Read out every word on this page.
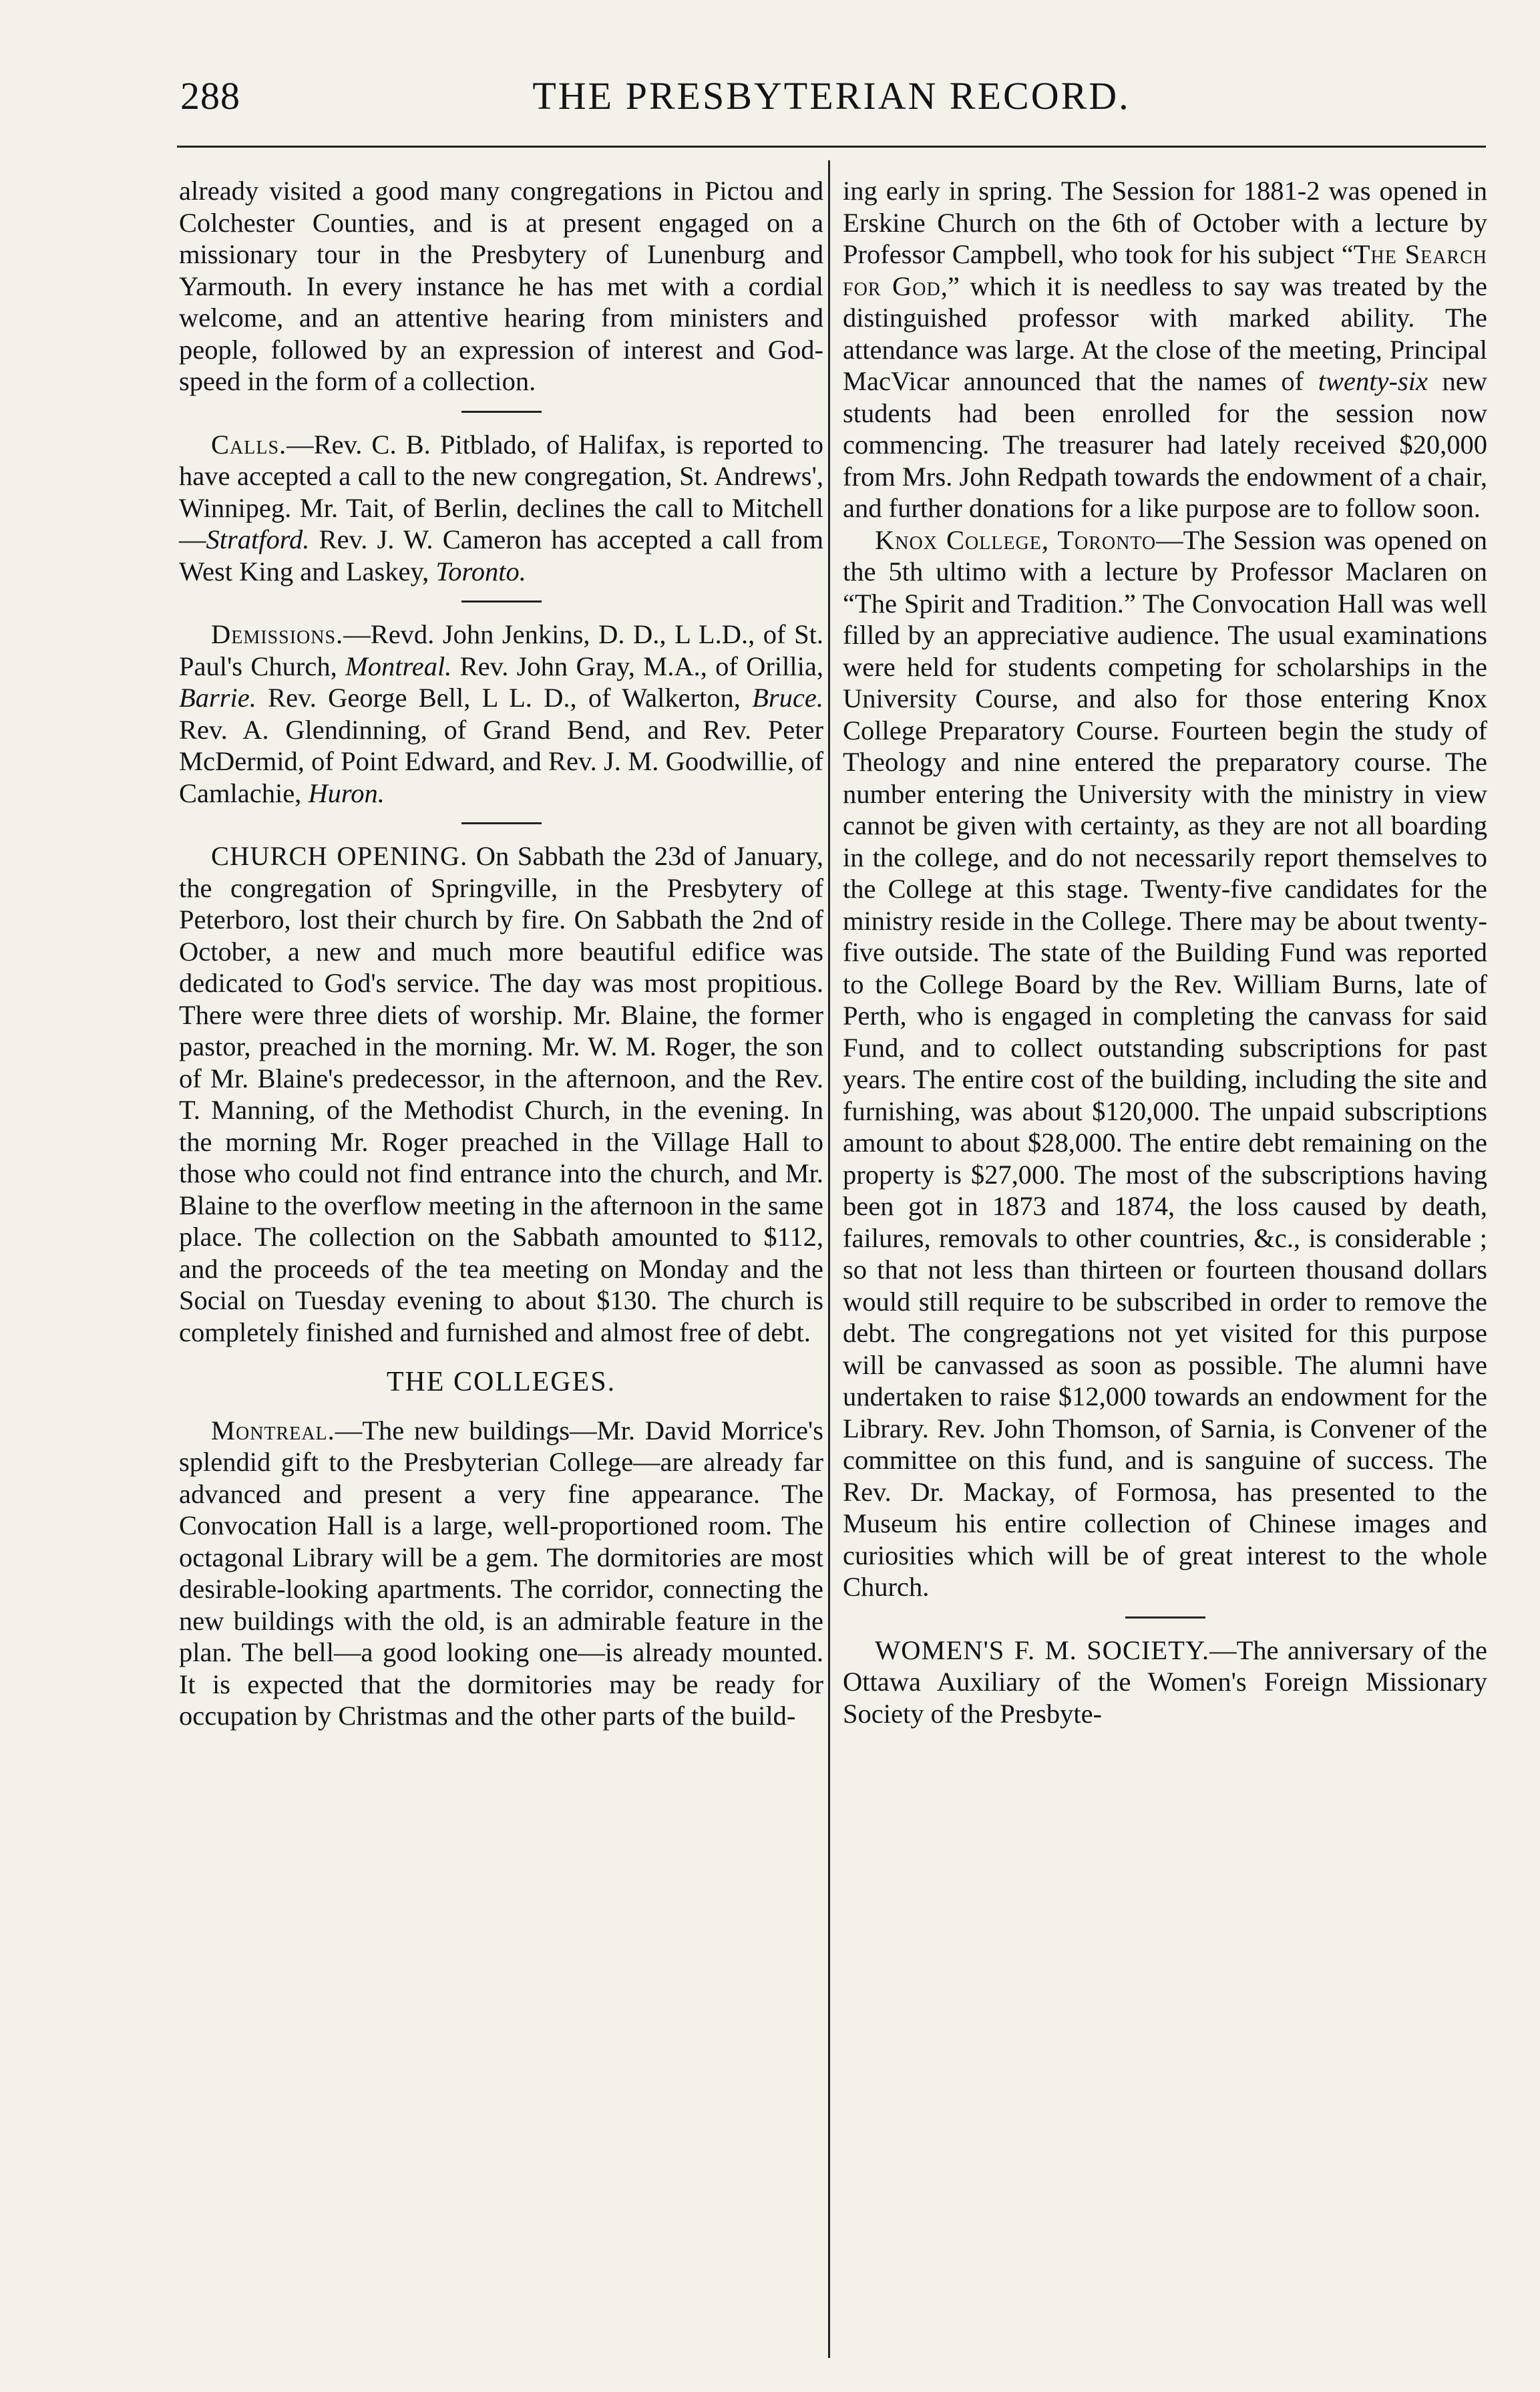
288	THE PRESBYTERIAN RECORD.

already visited a good many congregations in Pictou and Colchester Counties, and is at present engaged on a missionary tour in the Presbytery of Lunenburg and Yarmouth. In every instance he has met with a cordial welcome, and an attentive hearing from ministers and people, followed by an expression of interest and God-speed in the form of a collection.

Calls.—Rev. C. B. Pitblado, of Halifax, is reported to have accepted a call to the new congregation, St. Andrews', Winnipeg. Mr. Tait, of Berlin, declines the call to Mitchell —Stratford. Rev. J. W. Cameron has accepted a call from West King and Laskey, Toronto.

Demissions.—Revd. John Jenkins, D. D., L L.D., of St. Paul's Church, Montreal. Rev. John Gray, M.A., of Orillia, Barrie. Rev. George Bell, L L. D., of Walkerton, Bruce. Rev. A. Glendinning, of Grand Bend, and Rev. Peter McDermid, of Point Edward, and Rev. J. M. Goodwillie, of Camlachie, Huron.

CHURCH OPENING. On Sabbath the 23d of January, the congregation of Springville, in the Presbytery of Peterboro, lost their church by fire. On Sabbath the 2nd of October, a new and much more beautiful edifice was dedicated to God's service. The day was most propitious. There were three diets of worship. Mr. Blaine, the former pastor, preached in the morning. Mr. W. M. Roger, the son of Mr. Blaine's predecessor, in the afternoon, and the Rev. T. Manning, of the Methodist Church, in the evening. In the morning Mr. Roger preached in the Village Hall to those who could not find entrance into the church, and Mr. Blaine to the overflow meeting in the afternoon in the same place. The collection on the Sabbath amounted to $112, and the proceeds of the tea meeting on Monday and the Social on Tuesday evening to about $130. The church is completely finished and furnished and almost free of debt.

THE COLLEGES.

Montreal.—The new buildings—Mr. David Morrice's splendid gift to the Presbyterian College—are already far advanced and present a very fine appearance. The Convocation Hall is a large, well-proportioned room. The octagonal Library will be a gem. The dormitories are most desirable-looking apartments. The corridor, connecting the new buildings with the old, is an admirable feature in the plan. The bell—a good looking one—is already mounted. It is expected that the dormitories may be ready for occupation by Christmas and the other parts of the build-

ing early in spring. The Session for 1881-2 was opened in Erskine Church on the 6th of October with a lecture by Professor Campbell, who took for his subject “The Search for God,” which it is needless to say was treated by the distinguished professor with marked ability. The attendance was large. At the close of the meeting, Principal MacVicar announced that the names of twenty-six new students had been enrolled for the session now commencing. The treasurer had lately received $20,000 from Mrs. John Redpath towards the endowment of a chair, and further donations for a like purpose are to follow soon.

Knox College, Toronto—The Session was opened on the 5th ultimo with a lecture by Professor Maclaren on “The Spirit and Tradition.” The Convocation Hall was well filled by an appreciative audience. The usual examinations were held for students competing for scholarships in the University Course, and also for those entering Knox College Preparatory Course. Fourteen begin the study of Theology and nine entered the preparatory course. The number entering the University with the ministry in view cannot be given with certainty, as they are not all boarding in the college, and do not necessarily report themselves to the College at this stage. Twenty-five candidates for the ministry reside in the College. There may be about twenty-five outside. The state of the Building Fund was reported to the College Board by the Rev. William Burns, late of Perth, who is engaged in completing the canvass for said Fund, and to collect outstanding subscriptions for past years. The entire cost of the building, including the site and furnishing, was about $120,000. The unpaid subscriptions amount to about $28,000. The entire debt remaining on the property is $27,000. The most of the subscriptions having been got in 1873 and 1874, the loss caused by death, failures, removals to other countries, &c., is considerable ; so that not less than thirteen or fourteen thousand dollars would still require to be subscribed in order to remove the debt. The congregations not yet visited for this purpose will be canvassed as soon as possible. The alumni have undertaken to raise $12,000 towards an endowment for the Library. Rev. John Thomson, of Sarnia, is Convener of the committee on this fund, and is sanguine of success. The Rev. Dr. Mackay, of Formosa, has presented to the Museum his entire collection of Chinese images and curiosities which will be of great interest to the whole Church.

WOMEN'S F. M. SOCIETY.—The anniversary of the Ottawa Auxiliary of the Women's Foreign Missionary Society of the Presbyte-
